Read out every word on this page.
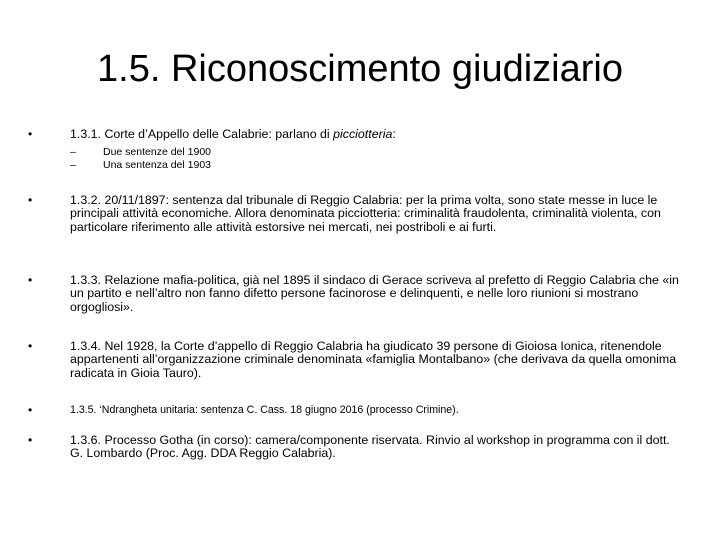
1.5. Riconoscimento giudiziario
•	1.3.1. Corte d’Appello delle Calabrie: parlano di picciotteria:
–	Due sentenze del 1900
–	Una sentenza del 1903
•	1.3.2. 20/11/1897: sentenza dal tribunale di Reggio Calabria: per la prima volta, sono state messe in luce le principali attività economiche. Allora denominata picciotteria: criminalità fraudolenta, criminalità violenta, con particolare riferimento alle attività estorsive nei mercati, nei postriboli e ai furti.
•	1.3.3. Relazione mafia-politica, già nel 1895 il sindaco di Gerace scriveva al prefetto di Reggio Calabria che «in un partito e nell’altro non fanno difetto persone facinorose e delinquenti, e nelle loro riunioni si mostrano orgogliosi».
•	1.3.4. Nel 1928, la Corte d’appello di Reggio Calabria ha giudicato 39 persone di Gioiosa Ionica, ritenendole appartenenti all’organizzazione criminale denominata «famiglia Montalbano» (che derivava da quella omonima radicata in Gioia Tauro).
•	1.3.5. ‘Ndrangheta unitaria: sentenza C. Cass. 18 giugno 2016 (processo Crimine).
•	1.3.6. Processo Gotha (in corso): camera/componente riservata. Rinvio al workshop in programma con il dott. G. Lombardo (Proc. Agg. DDA Reggio Calabria).
